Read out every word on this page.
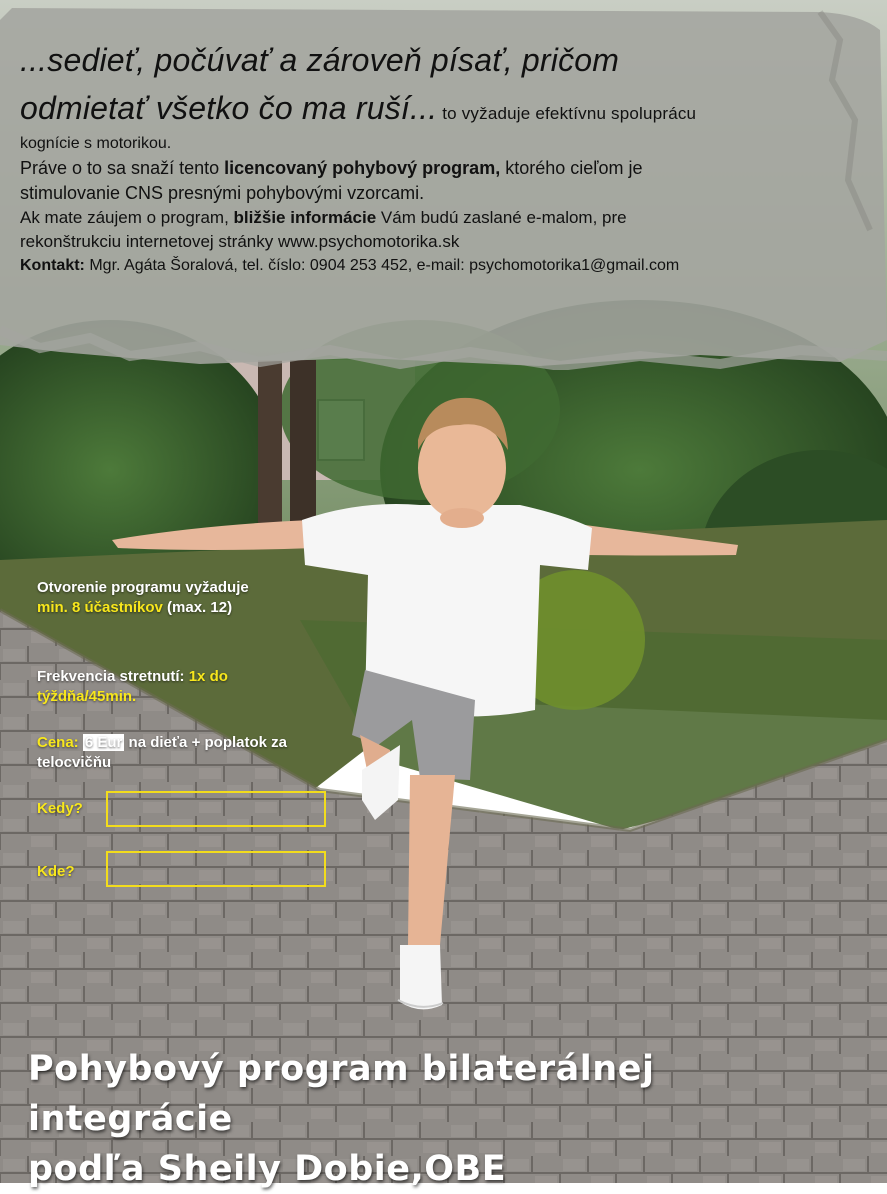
...sedieť, počúvať a zároveň písať, pričom
odmietať všetko čo ma ruší... to vyžaduje efektívnu spoluprácu

kognície s motorikou.

Práve o to sa snaží tento licencovaný pohybový program, ktorého cieľom je
stimulovanie CNS presnými pohybovými vzorcami.

Ak mate záujem o program, bližšie informácie Vám budú zaslané e-malom, pre
rekonštrukciu internetovej stránky www.psychomotorika.sk

Kontakt: Mgr. Agáta Šoralová, tel. číslo: 0904 253 452, e-mail: psychomotorika1@gmail.com

Otvorenie programu vyžaduje
min. 8 účastníkov (max. 12)
Frekvencia stretnutí: 1x do týždňa/45min.
Cena: 6 Eur na dieťa + poplatok za telocvičňu
Kedy?
Kde?
Pohybový program bilaterálnej integrácie
podľa Sheily Dobie,OBE
